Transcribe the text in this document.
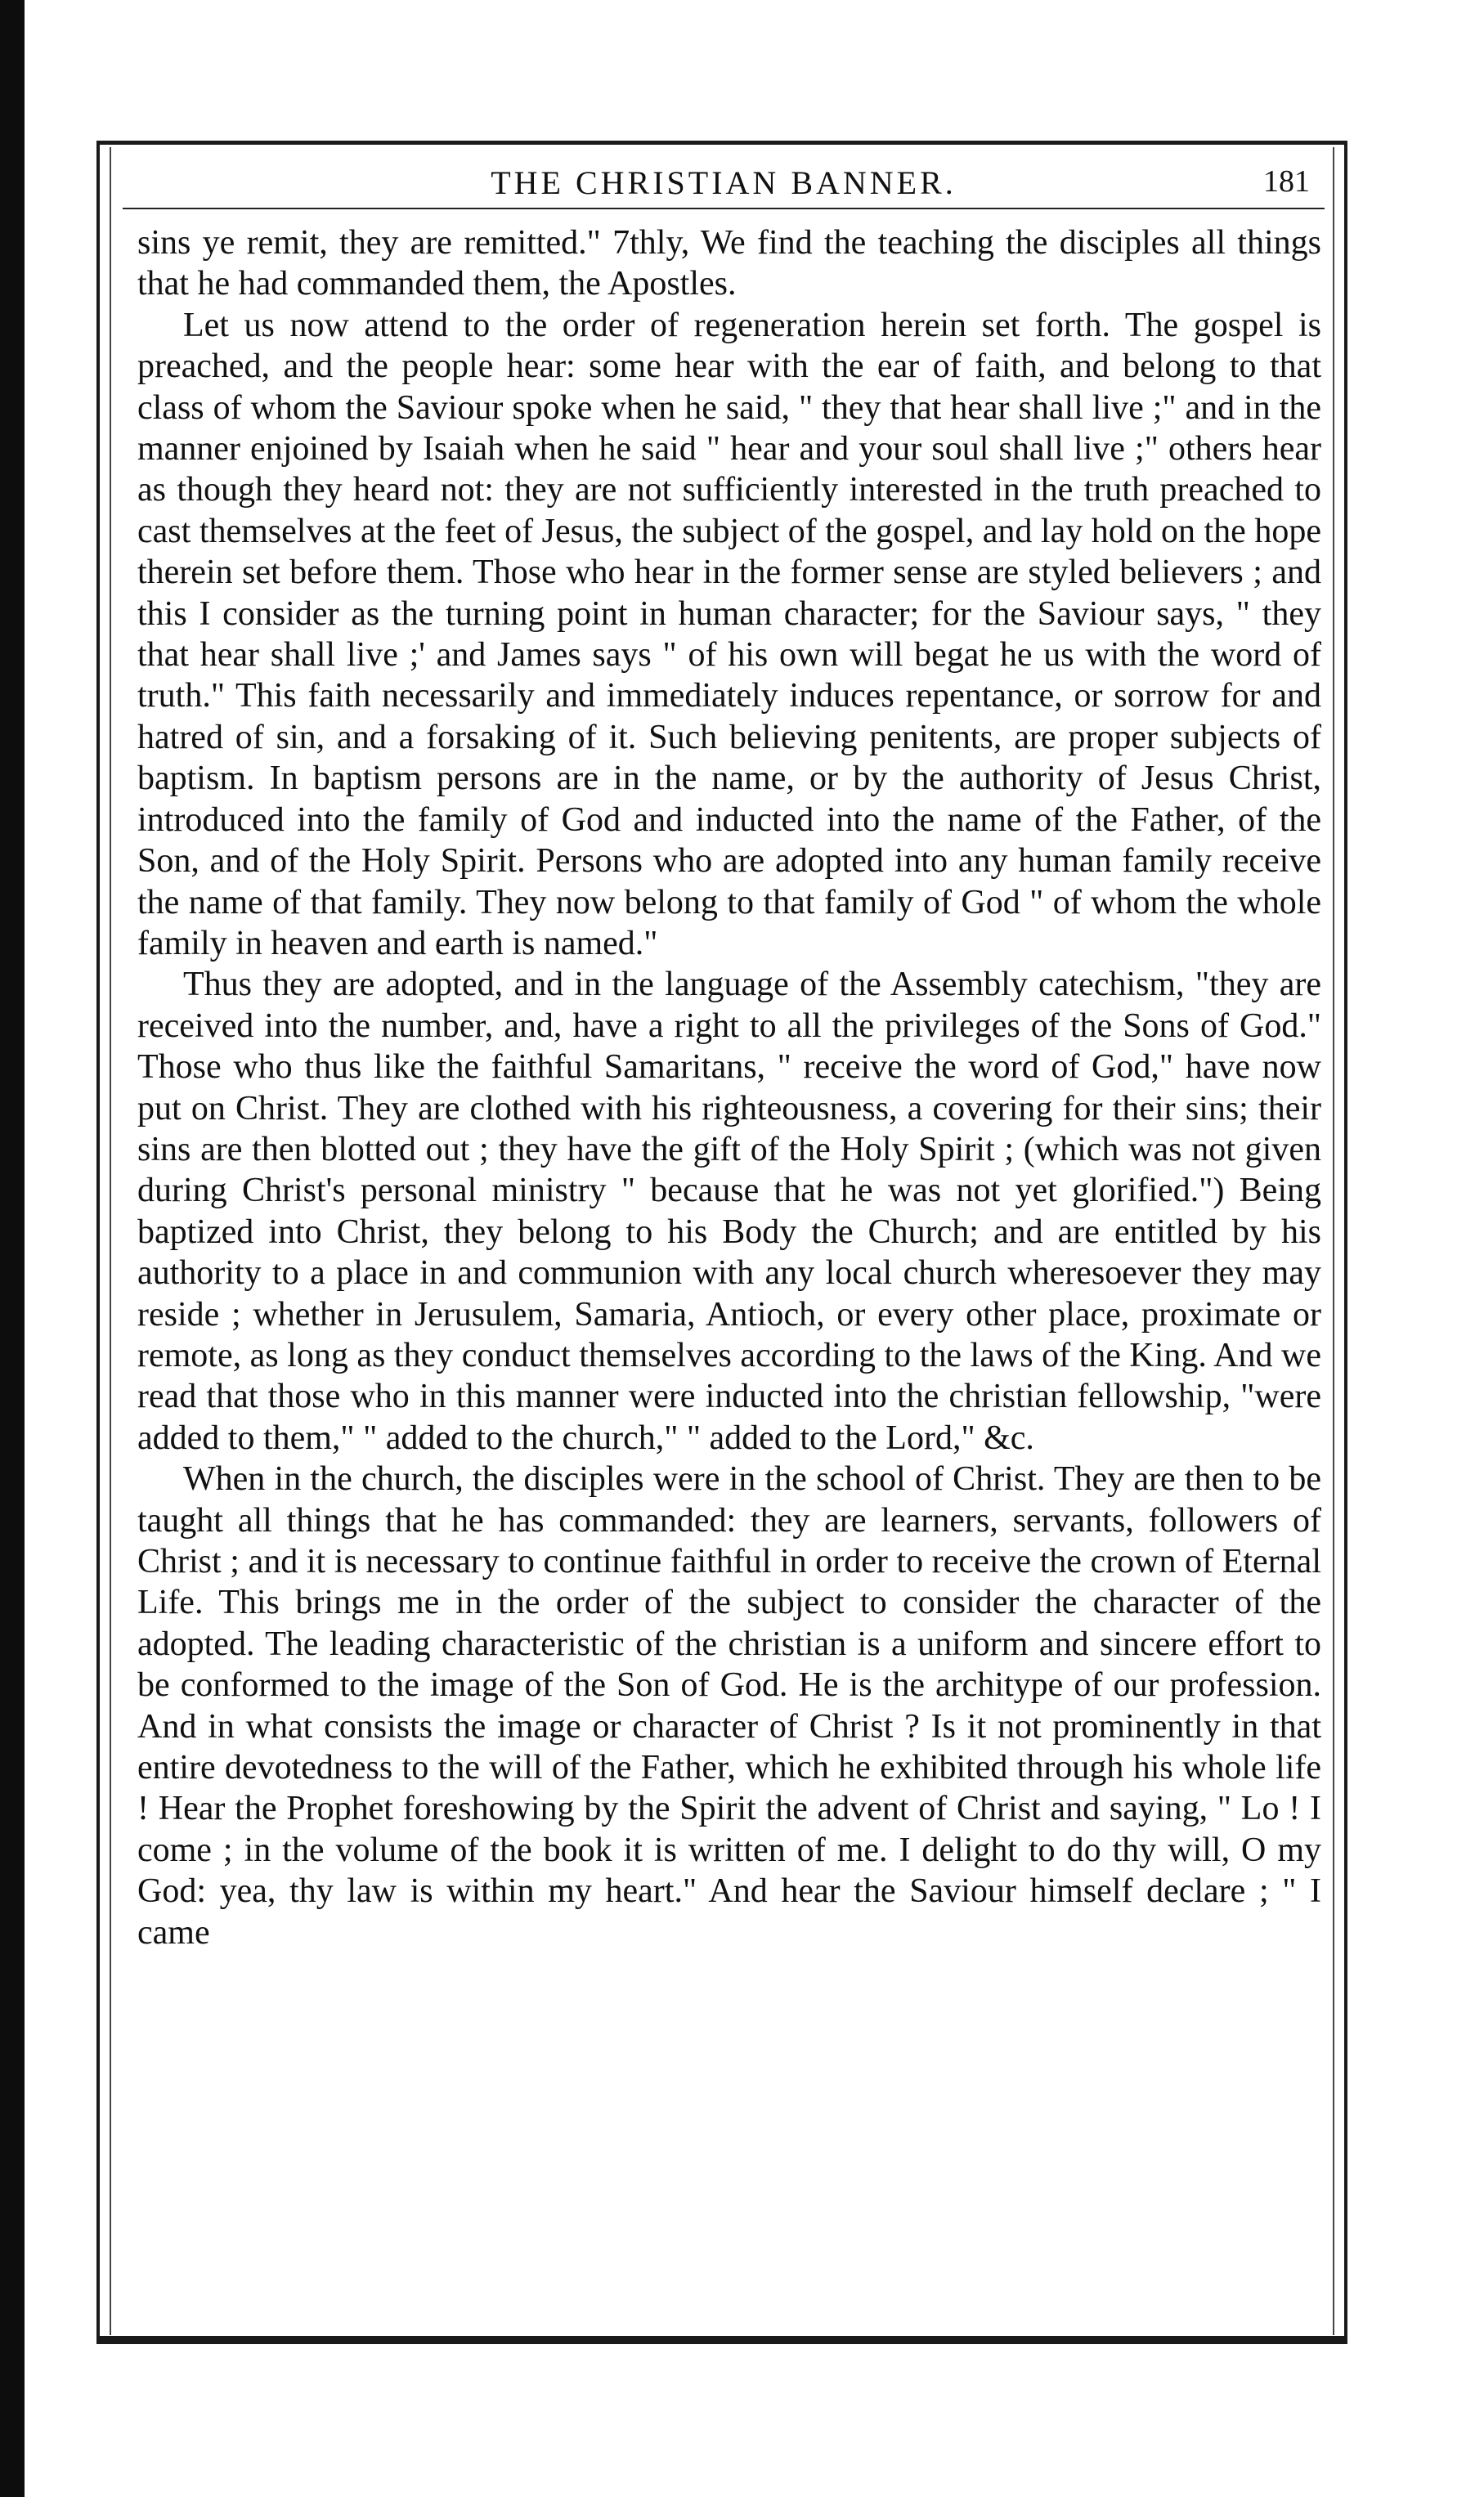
THE CHRISTIAN BANNER.	181

sins ye remit, they are remitted." 7thly, We find the teaching the disciples all things that he had commanded them, the Apostles.

Let us now attend to the order of regeneration herein set forth. The gospel is preached, and the people hear: some hear with the ear of faith, and belong to that class of whom the Saviour spoke when he said, " they that hear shall live ;" and in the manner enjoined by Isaiah when he said " hear and your soul shall live ;" others hear as though they heard not: they are not sufficiently interested in the truth preached to cast themselves at the feet of Jesus, the subject of the gospel, and lay hold on the hope therein set before them. Those who hear in the former sense are styled believers ; and this I consider as the turning point in human character; for the Saviour says, " they that hear shall live ;' and James says " of his own will begat he us with the word of truth." This faith necessarily and immediately induces repentance, or sorrow for and hatred of sin, and a forsaking of it. Such believing penitents, are proper subjects of baptism. In baptism persons are in the name, or by the authority of Jesus Christ, introduced into the family of God and inducted into the name of the Father, of the Son, and of the Holy Spirit. Persons who are adopted into any human family receive the name of that family. They now belong to that family of God " of whom the whole family in heaven and earth is named."

Thus they are adopted, and in the language of the Assembly catechism, "they are received into the number, and, have a right to all the privileges of the Sons of God." Those who thus like the faithful Samaritans, " receive the word of God," have now put on Christ. They are clothed with his righteousness, a covering for their sins; their sins are then blotted out ; they have the gift of the Holy Spirit ; (which was not given during Christ's personal ministry " because that he was not yet glorified.") Being baptized into Christ, they belong to his Body the Church; and are entitled by his authority to a place in and communion with any local church wheresoever they may reside ; whether in Jerusulem, Samaria, Antioch, or every other place, proximate or remote, as long as they conduct themselves according to the laws of the King. And we read that those who in this manner were inducted into the christian fellowship, "were added to them," " added to the church," " added to the Lord," &c.

When in the church, the disciples were in the school of Christ. They are then to be taught all things that he has commanded: they are learners, servants, followers of Christ ; and it is necessary to continue faithful in order to receive the crown of Eternal Life. This brings me in the order of the subject to consider the character of the adopted. The leading characteristic of the christian is a uniform and sincere effort to be conformed to the image of the Son of God. He is the architype of our profession. And in what consists the image or character of Christ ? Is it not prominently in that entire devotedness to the will of the Father, which he exhibited through his whole life ! Hear the Prophet foreshowing by the Spirit the advent of Christ and saying, " Lo ! I come ; in the volume of the book it is written of me. I delight to do thy will, O my God: yea, thy law is within my heart." And hear the Saviour himself declare ; " I came
